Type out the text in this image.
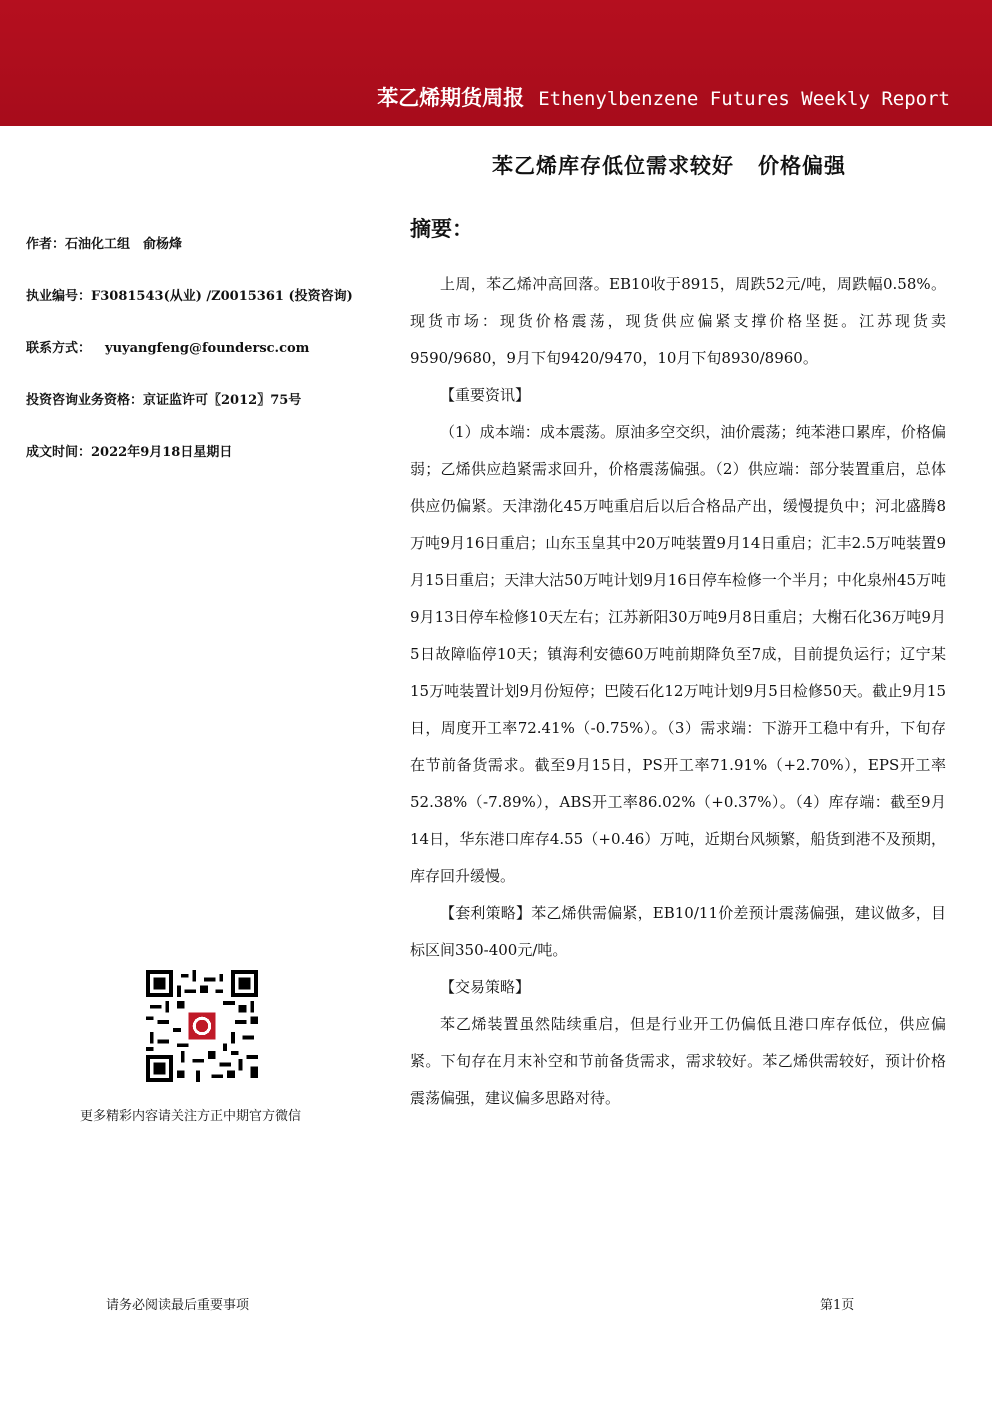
苯乙烯期货周报 Ethenylbenzene Futures Weekly Report
苯乙烯库存低位需求较好 价格偏强
作者：石油化工组　俞杨烽
执业编号：F3081543(从业) /Z0015361 (投资咨询)
联系方式： yuyangfeng@foundersc.com
投资咨询业务资格：京证监许可〖2012〗75号
成文时间：2022年9月18日星期日
更多精彩内容请关注方正中期官方微信
摘要：

上周，苯乙烯冲高回落。EB10收于8915，周跌52元/吨，周跌幅0.58%。现货市场：现货价格震荡，现货供应偏紧支撑价格坚挺。江苏现货卖9590/9680，9月下旬9420/9470，10月下旬8930/8960。

【重要资讯】

（1）成本端：成本震荡。原油多空交织，油价震荡；纯苯港口累库，价格偏弱；乙烯供应趋紧需求回升，价格震荡偏强。（2）供应端：部分装置重启，总体供应仍偏紧。天津渤化45万吨重启后以后合格品产出，缓慢提负中；河北盛腾8万吨9月16日重启；山东玉皇其中20万吨装置9月14日重启；汇丰2.5万吨装置9月15日重启；天津大沽50万吨计划9月16日停车检修一个半月；中化泉州45万吨9月13日停车检修10天左右；江苏新阳30万吨9月8日重启；大榭石化36万吨9月5日故障临停10天；镇海利安德60万吨前期降负至7成，目前提负运行；辽宁某15万吨装置计划9月份短停；巴陵石化12万吨计划9月5日检修50天。截止9月15日，周度开工率72.41%（-0.75%）。（3）需求端：下游开工稳中有升，下旬存在节前备货需求。截至9月15日，PS开工率71.91%（+2.70%），EPS开工率52.38%（-7.89%），ABS开工率86.02%（+0.37%）。（4）库存端：截至9月14日，华东港口库存4.55（+0.46）万吨，近期台风频繁，船货到港不及预期，库存回升缓慢。

【套利策略】苯乙烯供需偏紧，EB10/11价差预计震荡偏强，建议做多，目标区间350-400元/吨。

【交易策略】

苯乙烯装置虽然陆续重启，但是行业开工仍偏低且港口库存低位，供应偏紧。下旬存在月末补空和节前备货需求，需求较好。苯乙烯供需较好，预计价格震荡偏强，建议偏多思路对待。

请务必阅读最后重要事项	第1页
